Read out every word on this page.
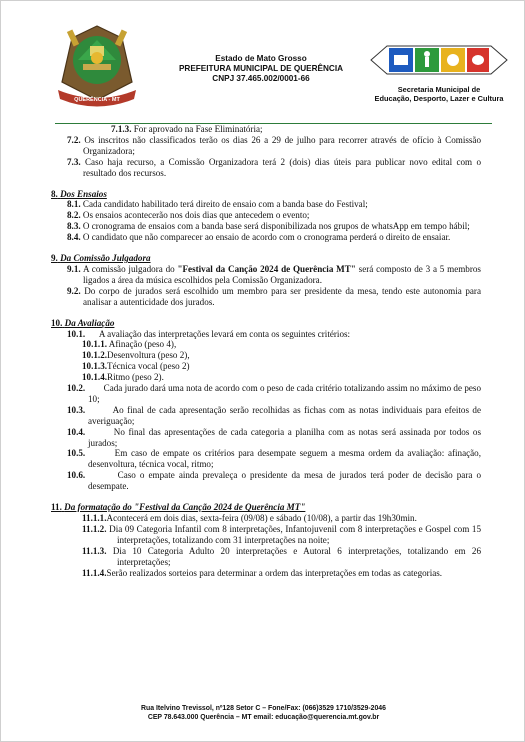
QUERÊNCIA - MT
Estado de Mato Grosso
PREFEITURA MUNICIPAL DE QUERÊNCIA
CNPJ 37.465.002/0001-66
Secretaria Municipal de
Educação, Desporto, Lazer e Cultura
7.1.3. For aprovado na Fase Eliminatória;
7.2. Os inscritos não classificados terão os dias 26 a 29 de julho para recorrer através de ofício à Comissão Organizadora;
7.3. Caso haja recurso, a Comissão Organizadora terá 2 (dois) dias úteis para publicar novo edital com o resultado dos recursos.
8. Dos Ensaios
8.1. Cada candidato habilitado terá direito de ensaio com a banda base do Festival;
8.2. Os ensaios acontecerão nos dois dias que antecedem o evento;
8.3. O cronograma de ensaios com a banda base será disponibilizada nos grupos de whatsApp em tempo hábil;
8.4. O candidato que não comparecer ao ensaio de acordo com o cronograma perderá o direito de ensaiar.
9. Da Comissão Julgadora
9.1. A comissão julgadora do "Festival da Canção 2024 de Querência MT" será composto de 3 a 5 membros ligados a área da música escolhidos pela Comissão Organizadora.
9.2. Do corpo de jurados será escolhido um membro para ser presidente da mesa, tendo este autonomia para analisar a autenticidade dos jurados.
10. Da Avaliação
10.1. A avaliação das interpretações levará em conta os seguintes critérios:
10.1.1. Afinação (peso 4),
10.1.2.Desenvoltura (peso 2),
10.1.3.Técnica vocal (peso 2)
10.1.4.Ritmo (peso 2).
10.2. Cada jurado dará uma nota de acordo com o peso de cada critério totalizando assim no máximo de peso 10;
10.3.	Ao final de cada apresentação serão recolhidas as fichas com as notas individuais para efeitos de averiguação;
10.4.	No final das apresentações de cada categoria a planilha com as notas será assinada por todos os jurados;
10.5.	Em caso de empate os critérios para desempate seguem a mesma ordem da avaliação: afinação, desenvoltura, técnica vocal, ritmo;
10.6.	Caso o empate ainda prevaleça o presidente da mesa de jurados terá poder de decisão para o desempate.
11. Da formatação do "Festival da Canção 2024 de Querência MT"
11.1.1.Acontecerá em dois dias, sexta-feira (09/08) e sábado (10/08), a partir das 19h30min.
11.1.2. Dia 09 Categoria Infantil com 8 interpretações, Infantojuvenil com 8 interpretações e Gospel com 15 interpretações, totalizando com 31 interpretações na noite;
11.1.3. Dia 10 Categoria Adulto 20 interpretações e Autoral 6 interpretações, totalizando em 26 interpretações;
11.1.4.Serão realizados sorteios para determinar a ordem das interpretações em todas as categorias.
Rua Itelvino Trevissol, nº128 Setor C – Fone/Fax: (066)3529 1710/3529-2046
CEP 78.643.000 Querência – MT email: educação@querencia.mt.gov.br
